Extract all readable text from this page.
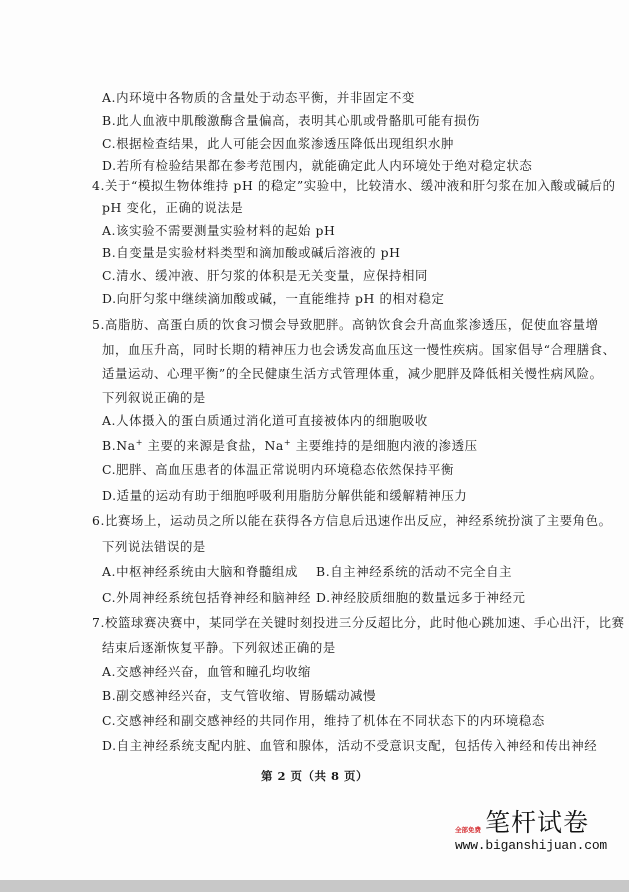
A.内环境中各物质的含量处于动态平衡，并非固定不变
B.此人血液中肌酸激酶含量偏高，表明其心肌或骨骼肌可能有损伤
C.根据检查结果，此人可能会因血浆渗透压降低出现组织水肿
D.若所有检验结果都在参考范围内，就能确定此人内环境处于绝对稳定状态
4.关于“模拟生物体维持 pH 的稳定”实验中，比较清水、缓冲液和肝匀浆在加入酸或碱后的
pH 变化，正确的说法是
A.该实验不需要测量实验材料的起始 pH
B.自变量是实验材料类型和滴加酸或碱后溶液的 pH
C.清水、缓冲液、肝匀浆的体积是无关变量，应保持相同
D.向肝匀浆中继续滴加酸或碱，一直能维持 pH 的相对稳定
5.高脂肪、高蛋白质的饮食习惯会导致肥胖。高钠饮食会升高血浆渗透压，促使血容量增
加，血压升高，同时长期的精神压力也会诱发高血压这一慢性疾病。国家倡导“合理膳食、
适量运动、心理平衡”的全民健康生活方式管理体重，减少肥胖及降低相关慢性病风险。
下列叙说正确的是
A.人体摄入的蛋白质通过消化道可直接被体内的细胞吸收
B.Na+ 主要的来源是食盐，Na+ 主要维持的是细胞内液的渗透压
C.肥胖、高血压患者的体温正常说明内环境稳态依然保持平衡
D.适量的运动有助于细胞呼吸利用脂肪分解供能和缓解精神压力
6.比赛场上，运动员之所以能在获得各方信息后迅速作出反应，神经系统扮演了主要角色。
下列说法错误的是
A.中枢神经系统由大脑和脊髓组成 B.自主神经系统的活动不完全自主
C.外周神经系统包括脊神经和脑神经 D.神经胶质细胞的数量远多于神经元
7.校篮球赛决赛中，某同学在关键时刻投进三分反超比分，此时他心跳加速、手心出汗，比赛
结束后逐渐恢复平静。下列叙述正确的是
A.交感神经兴奋，血管和瞳孔均收缩
B.副交感神经兴奋，支气管收缩、胃肠蠕动减慢
C.交感神经和副交感神经的共同作用，维持了机体在不同状态下的内环境稳态
D.自主神经系统支配内脏、血管和腺体，活动不受意识支配，包括传入神经和传出神经
第 2 页（共 8 页）
笔杆试卷
全部免费
www.biganshijuan.com
